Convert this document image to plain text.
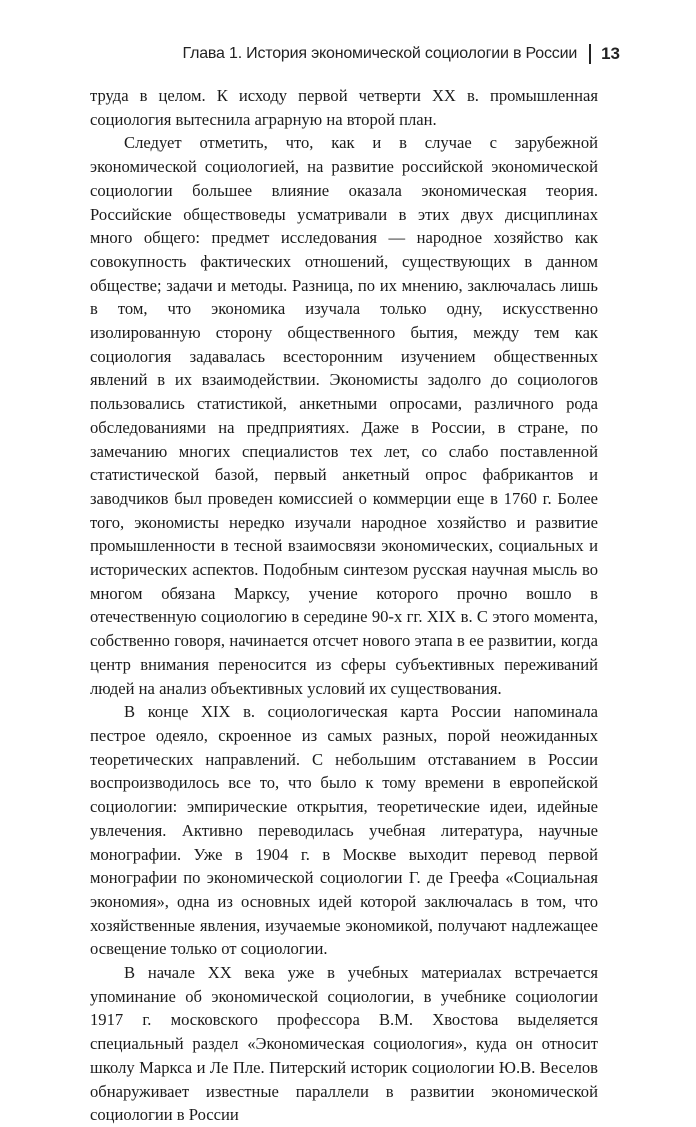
Глава 1. История экономической социологии в России 13

труда в целом. К исходу первой четверти XX в. промышленная социология вытеснила аграрную на второй план.

Следует отметить, что, как и в случае с зарубежной экономической социологией, на развитие российской экономической социологии большее влияние оказала экономическая теория. Российские обществоведы усматривали в этих двух дисциплинах много общего: предмет исследования — народное хозяйство как совокупность фактических отношений, существующих в данном обществе; задачи и методы. Разница, по их мнению, заключалась лишь в том, что экономика изучала только одну, искусственно изолированную сторону общественного бытия, между тем как социология задавалась всесторонним изучением общественных явлений в их взаимодействии. Экономисты задолго до социологов пользовались статистикой, анкетными опросами, различного рода обследованиями на предприятиях. Даже в России, в стране, по замечанию многих специалистов тех лет, со слабо поставленной статистической базой, первый анкетный опрос фабрикантов и заводчиков был проведен комиссией о коммерции еще в 1760 г. Более того, экономисты нередко изучали народное хозяйство и развитие промышленности в тесной взаимосвязи экономических, социальных и исторических аспектов. Подобным синтезом русская научная мысль во многом обязана Марксу, учение которого прочно вошло в отечественную социологию в середине 90-х гг. XIX в. С этого момента, собственно говоря, начинается отсчет нового этапа в ее развитии, когда центр внимания переносится из сферы субъективных переживаний людей на анализ объективных условий их существования.

В конце XIX в. социологическая карта России напоминала пестрое одеяло, скроенное из самых разных, порой неожиданных теоретических направлений. С небольшим отставанием в России воспроизводилось все то, что было к тому времени в европейской социологии: эмпирические открытия, теоретические идеи, идейные увлечения. Активно переводилась учебная литература, научные монографии. Уже в 1904 г. в Москве выходит перевод первой монографии по экономической социологии Г. де Греефа «Социальная экономия», одна из основных идей которой заключалась в том, что хозяйственные явления, изучаемые экономикой, получают надлежащее освещение только от социологии.

В начале XX века уже в учебных материалах встречается упоминание об экономической социологии, в учебнике социологии 1917 г. московского профессора В.М. Хвостова выделяется специальный раздел «Экономическая социология», куда он относит школу Маркса и Ле Пле. Питерский историк социологии Ю.В. Веселов обнаруживает известные параллели в развитии экономической социологии в России
